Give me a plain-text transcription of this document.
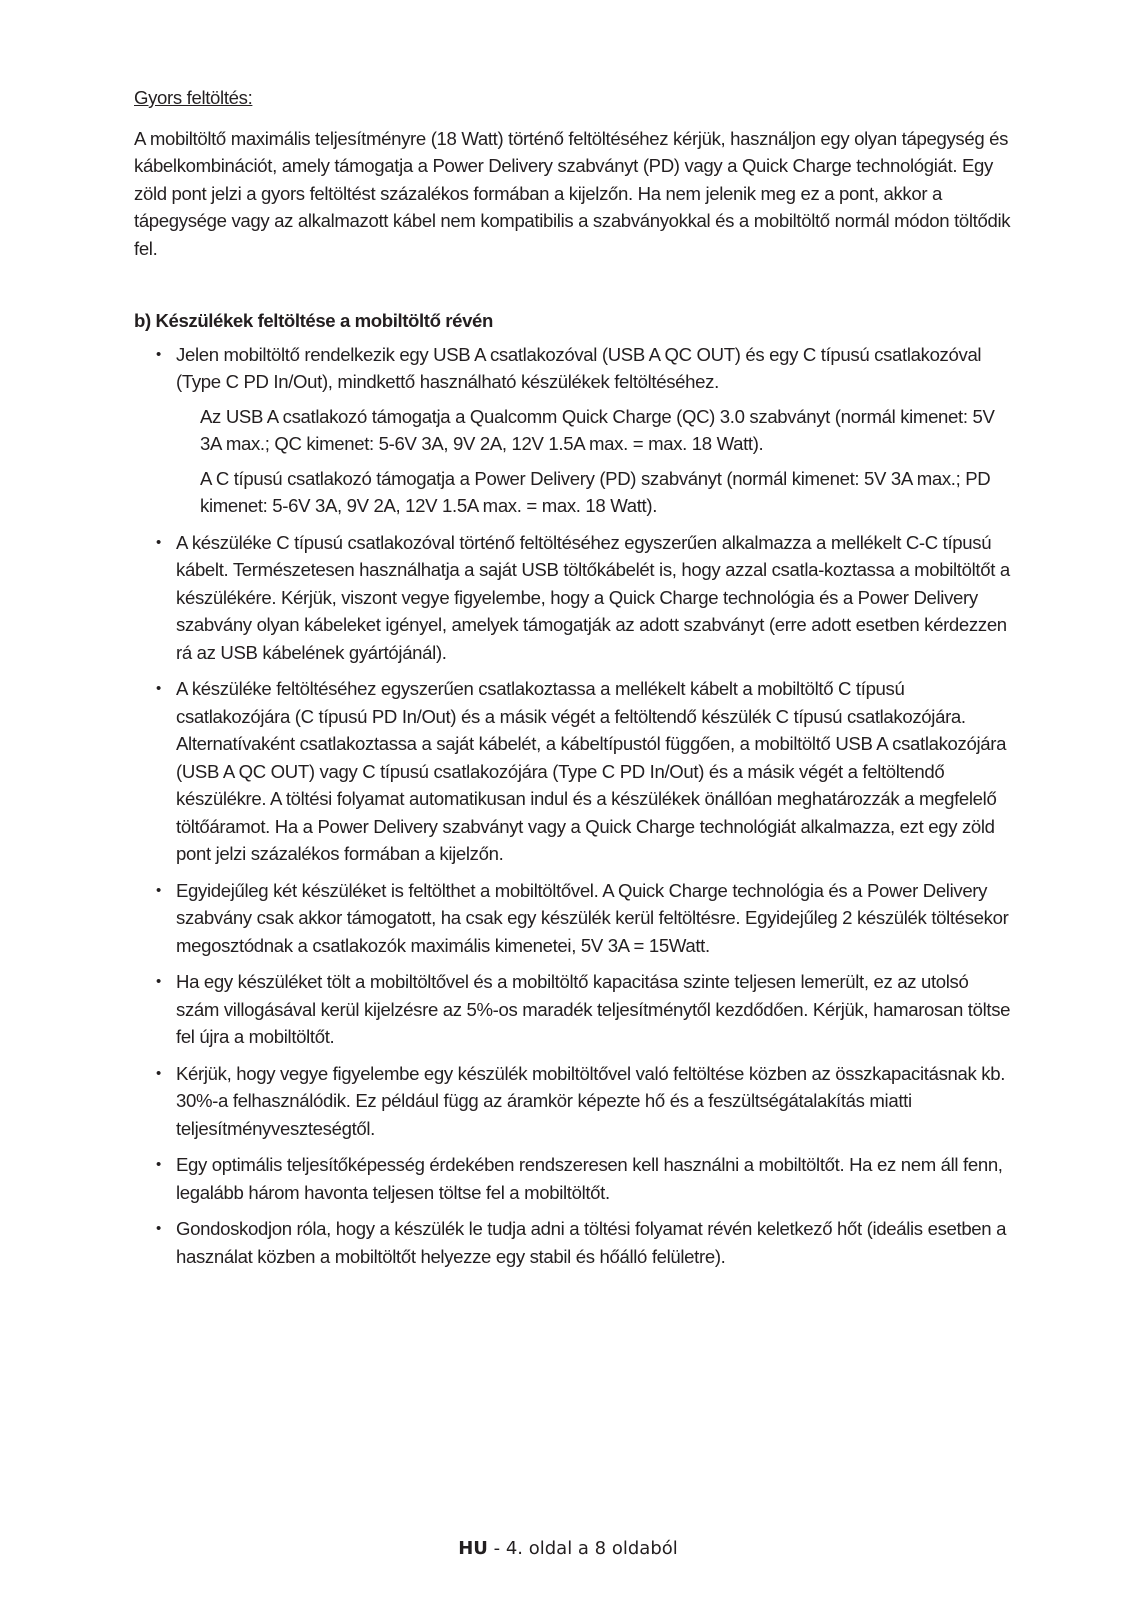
Gyors feltöltés:

A mobiltöltő maximális teljesítményre (18 Watt) történő feltöltéséhez kérjük, használjon egy olyan tápegység és kábelkombinációt, amely támogatja a Power Delivery szabványt (PD) vagy a Quick Charge technológiát. Egy zöld pont jelzi a gyors feltöltést százalékos formában a kijelzőn. Ha nem jelenik meg ez a pont, akkor a tápegysége vagy az alkalmazott kábel nem kompatibilis a szabványokkal és a mobiltöltő normál módon töltődik fel.

b) Készülékek feltöltése a mobiltöltő révén

• Jelen mobiltöltő rendelkezik egy USB A csatlakozóval (USB A QC OUT) és egy C típusú csatlakozóval (Type C PD In/Out), mindkettő használható készülékek feltöltéséhez.

Az USB A csatlakozó támogatja a Qualcomm Quick Charge (QC) 3.0 szabványt (normál kimenet: 5V 3A max.; QC kimenet: 5-6V 3A, 9V 2A, 12V 1.5A max. = max. 18 Watt).

A C típusú csatlakozó támogatja a Power Delivery (PD) szabványt (normál kimenet: 5V 3A max.; PD kimenet: 5-6V 3A, 9V 2A, 12V 1.5A max. = max. 18 Watt).

• A készüléke C típusú csatlakozóval történő feltöltéséhez egyszerűen alkalmazza a mellékelt C-C típusú kábelt. Természetesen használhatja a saját USB töltőkábelét is, hogy azzal csatla-koztassa a mobiltöltőt a készülékére. Kérjük, viszont vegye figyelembe, hogy a Quick Charge technológia és a Power Delivery szabvány olyan kábeleket igényel, amelyek támogatják az adott szabványt (erre adott esetben kérdezzen rá az USB kábelének gyártójánál).
• A készüléke feltöltéséhez egyszerűen csatlakoztassa a mellékelt kábelt a mobiltöltő C típusú csatlakozójára (C típusú PD In/Out) és a másik végét a feltöltendő készülék C típusú csatlakozójára. Alternatívaként csatlakoztassa a saját kábelét, a kábeltípustól függően, a mobiltöltő USB A csatlakozójára (USB A QC OUT) vagy C típusú csatlakozójára (Type C PD In/Out) és a másik végét a feltöltendő készülékre. A töltési folyamat automatikusan indul és a készülékek önállóan meghatározzák a megfelelő töltőáramot. Ha a Power Delivery szabványt vagy a Quick Charge technológiát alkalmazza, ezt egy zöld pont jelzi százalékos formában a kijelzőn.
• Egyidejűleg két készüléket is feltölthet a mobiltöltővel. A Quick Charge technológia és a Power Delivery szabvány csak akkor támogatott, ha csak egy készülék kerül feltöltésre. Egyidejűleg 2 készülék töltésekor megosztódnak a csatlakozók maximális kimenetei, 5V 3A = 15Watt.
• Ha egy készüléket tölt a mobiltöltővel és a mobiltöltő kapacitása szinte teljesen lemerült, ez az utolsó szám villogásával kerül kijelzésre az 5%-os maradék teljesítménytől kezdődően. Kérjük, hamarosan töltse fel újra a mobiltöltőt.
• Kérjük, hogy vegye figyelembe egy készülék mobiltöltővel való feltöltése közben az összkapacitásnak kb. 30%-a felhasználódik. Ez például függ az áramkör képezte hő és a feszültségátalakítás miatti teljesítményveszteségtől.
• Egy optimális teljesítőképesség érdekében rendszeresen kell használni a mobiltöltőt. Ha ez nem áll fenn, legalább három havonta teljesen töltse fel a mobiltöltőt.
• Gondoskodjon róla, hogy a készülék le tudja adni a töltési folyamat révén keletkező hőt (ideális esetben a használat közben a mobiltöltőt helyezze egy stabil és hőálló felületre).
HU - 4. oldal a 8 oldaból
